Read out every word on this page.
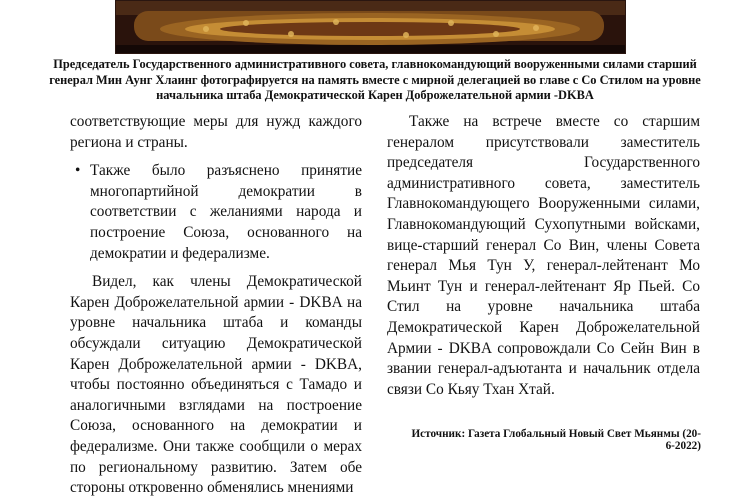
Председатель Государственного административного совета, главнокомандующий вооруженными силами старший генерал Мин Аунг Хлаинг фотографируется на память вместе с мирной делегацией во главе с Со Стилом на уровне начальника штаба Демократической Карен Доброжелательной армии -DKBA

соответствующие меры для нужд каждого региона и страны.

• Также было разъяснено принятие многопартийной демократии в соответствии с желаниями народа и построение Союза, основанного на демократии и федерализме.

Видел, как члены Демократической Карен Доброжелательной армии - DKBA на уровне начальника штаба и команды обсуждали ситуацию Демократической Карен Доброжелательной армии - DKBA, чтобы постоянно объединяться с Тамадо и аналогичными взглядами на построение Союза, основанного на демократии и федерализме. Они также сообщили о мерах по региональному развитию. Затем обе стороны откровенно обменялись мнениями

Также на встрече вместе со старшим генералом присутствовали заместитель председателя Государственного административного совета, заместитель Главнокомандующего Вооруженными силами, Главнокомандующий Сухопутными войсками, вице-старший генерал Со Вин, члены Совета генерал Мья Тун У, генерал-лейтенант Мо Мьинт Тун и генерал-лейтенант Яр Пьей. Со Стил на уровне начальника штаба Демократической Карен Доброжелательной Армии - DKBA сопровождали Со Сейн Вин в звании генерал-адъютанта и начальник отдела связи Со Кьяу Тхан Хтай.

Источник: Газета Глобальный Новый Свет Мьянмы (20-6-2022)
